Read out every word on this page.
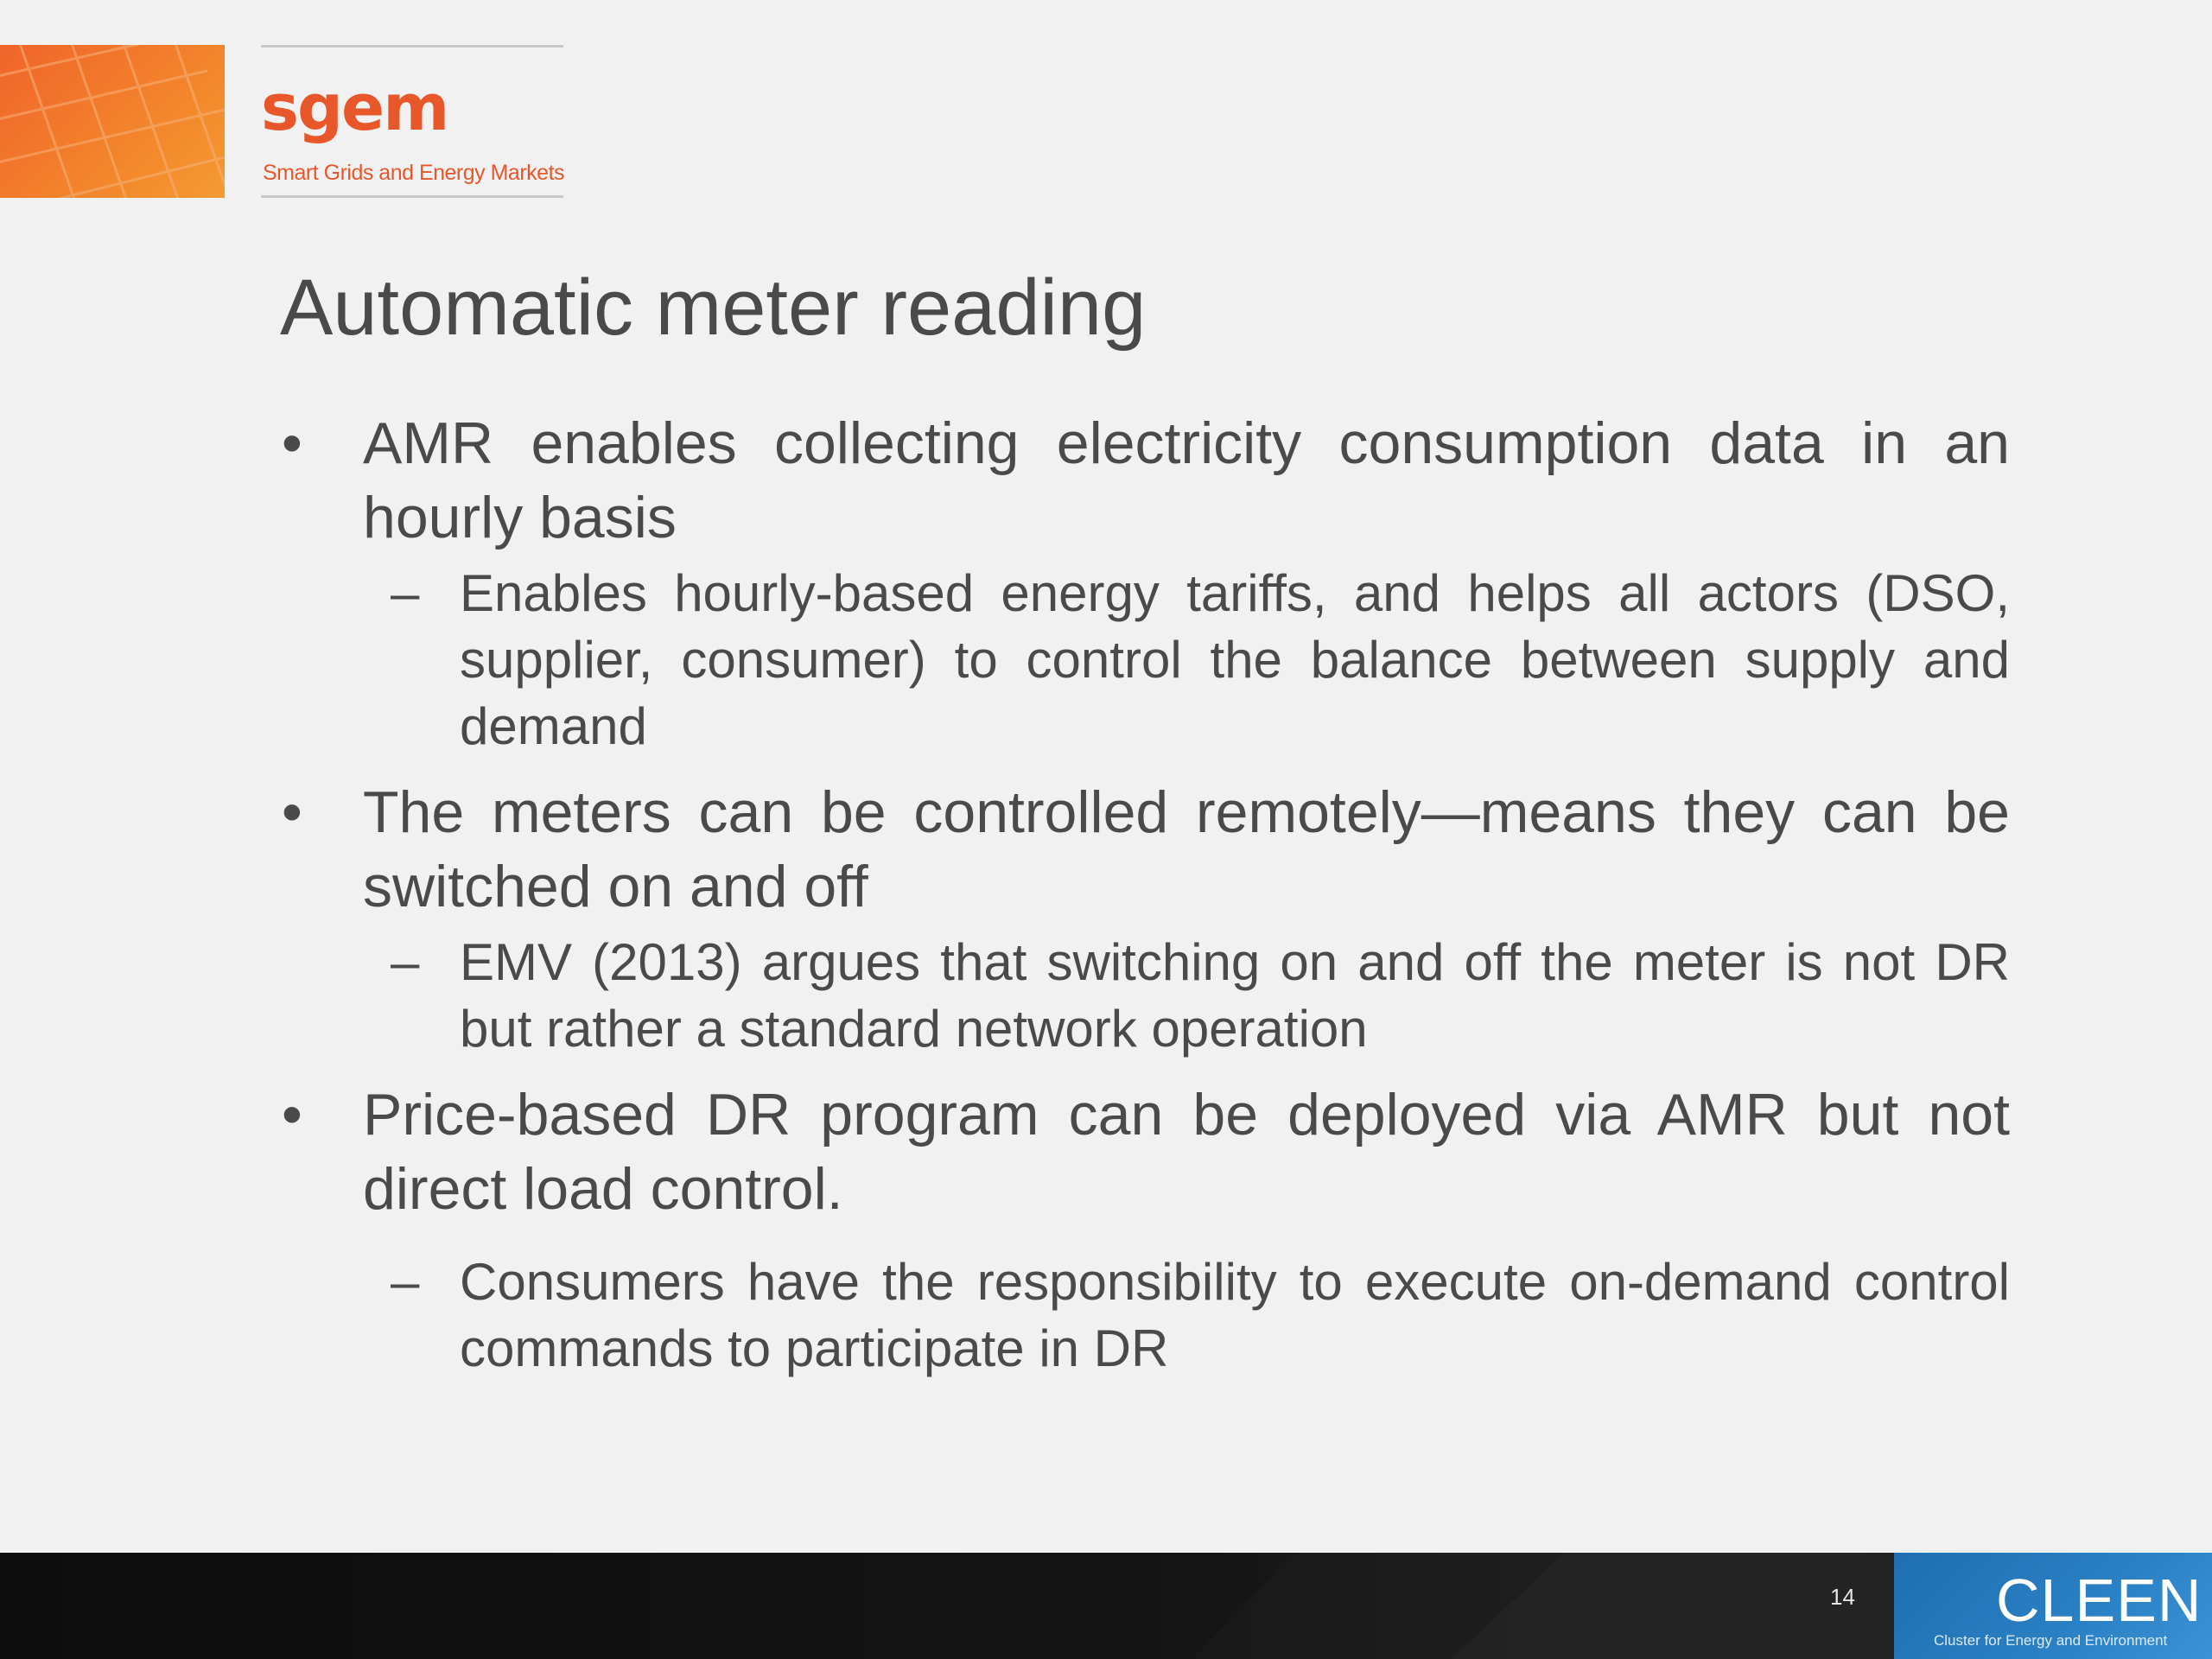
sgem
Smart Grids and Energy Markets
Automatic meter reading
• AMR enables collecting electricity consumption data in an hourly basis
– Enables hourly-based energy tariffs, and helps all actors (DSO, supplier, consumer) to control the balance between supply and demand
• The meters can be controlled remotely—means they can be switched on and off
– EMV (2013) argues that switching on and off the meter is not DR but rather a standard network operation
• Price-based DR program can be deployed via AMR but not direct load control.
– Consumers have the responsibility to execute on-demand control commands to participate in DR
14 CLEEN
Cluster for Energy and Environment
